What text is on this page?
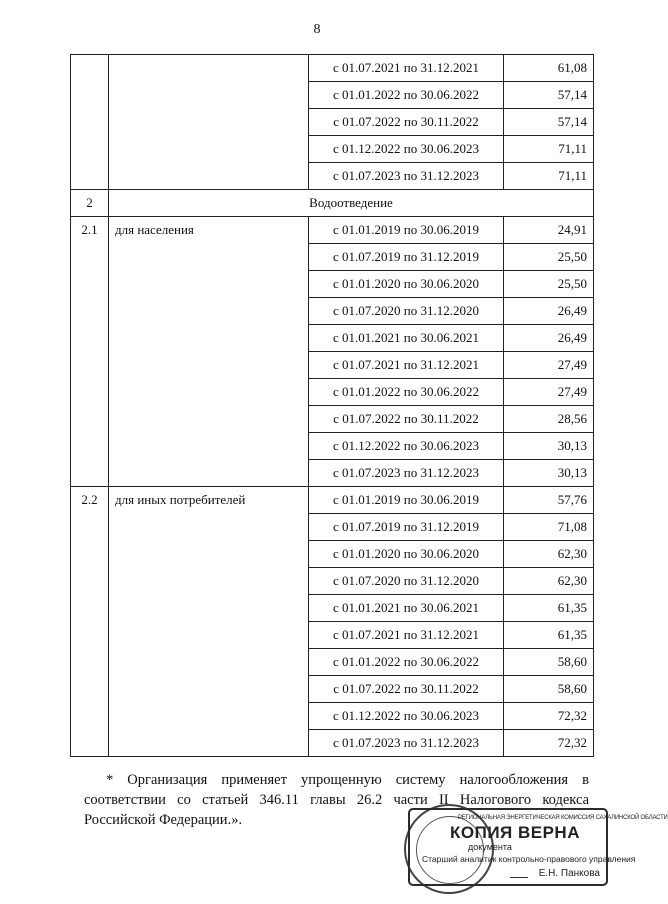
8
		с 01.07.2021 по 31.12.2021	61,08
		с 01.01.2022 по 30.06.2022	57,14
		с 01.07.2022 по 30.11.2022	57,14
		с 01.12.2022 по 30.06.2023	71,11
		с 01.07.2023 по 31.12.2023	71,11
2	Водоотведение		
2.1	для населения	с 01.01.2019 по 30.06.2019	24,91
		с 01.07.2019 по 31.12.2019	25,50
		с 01.01.2020 по 30.06.2020	25,50
		с 01.07.2020 по 31.12.2020	26,49
		с 01.01.2021 по 30.06.2021	26,49
		с 01.07.2021 по 31.12.2021	27,49
		с 01.01.2022 по 30.06.2022	27,49
		с 01.07.2022 по 30.11.2022	28,56
		с 01.12.2022 по 30.06.2023	30,13
		с 01.07.2023 по 31.12.2023	30,13
2.2	для иных потребителей	с 01.01.2019 по 30.06.2019	57,76
		с 01.07.2019 по 31.12.2019	71,08
		с 01.01.2020 по 30.06.2020	62,30
		с 01.07.2020 по 31.12.2020	62,30
		с 01.01.2021 по 30.06.2021	61,35
		с 01.07.2021 по 31.12.2021	61,35
		с 01.01.2022 по 30.06.2022	58,60
		с 01.07.2022 по 30.11.2022	58,60
		с 01.12.2022 по 30.06.2023	72,32
		с 01.07.2023 по 31.12.2023	72,32

* Организация применяет упрощенную систему налогообложения в соответствии со статьей 346.11 главы 26.2 части II Налогового кодекса Российской Федерации.».	РЕГИОНАЛЬНАЯ ЭНЕРГЕТИЧЕСКАЯ КОМИССИЯ САХАЛИНСКОЙ ОБЛАСТИ
КОПИЯ ВЕРНА
документа
Старший аналитик контрольно-правового управления
Е.Н. Панкова
